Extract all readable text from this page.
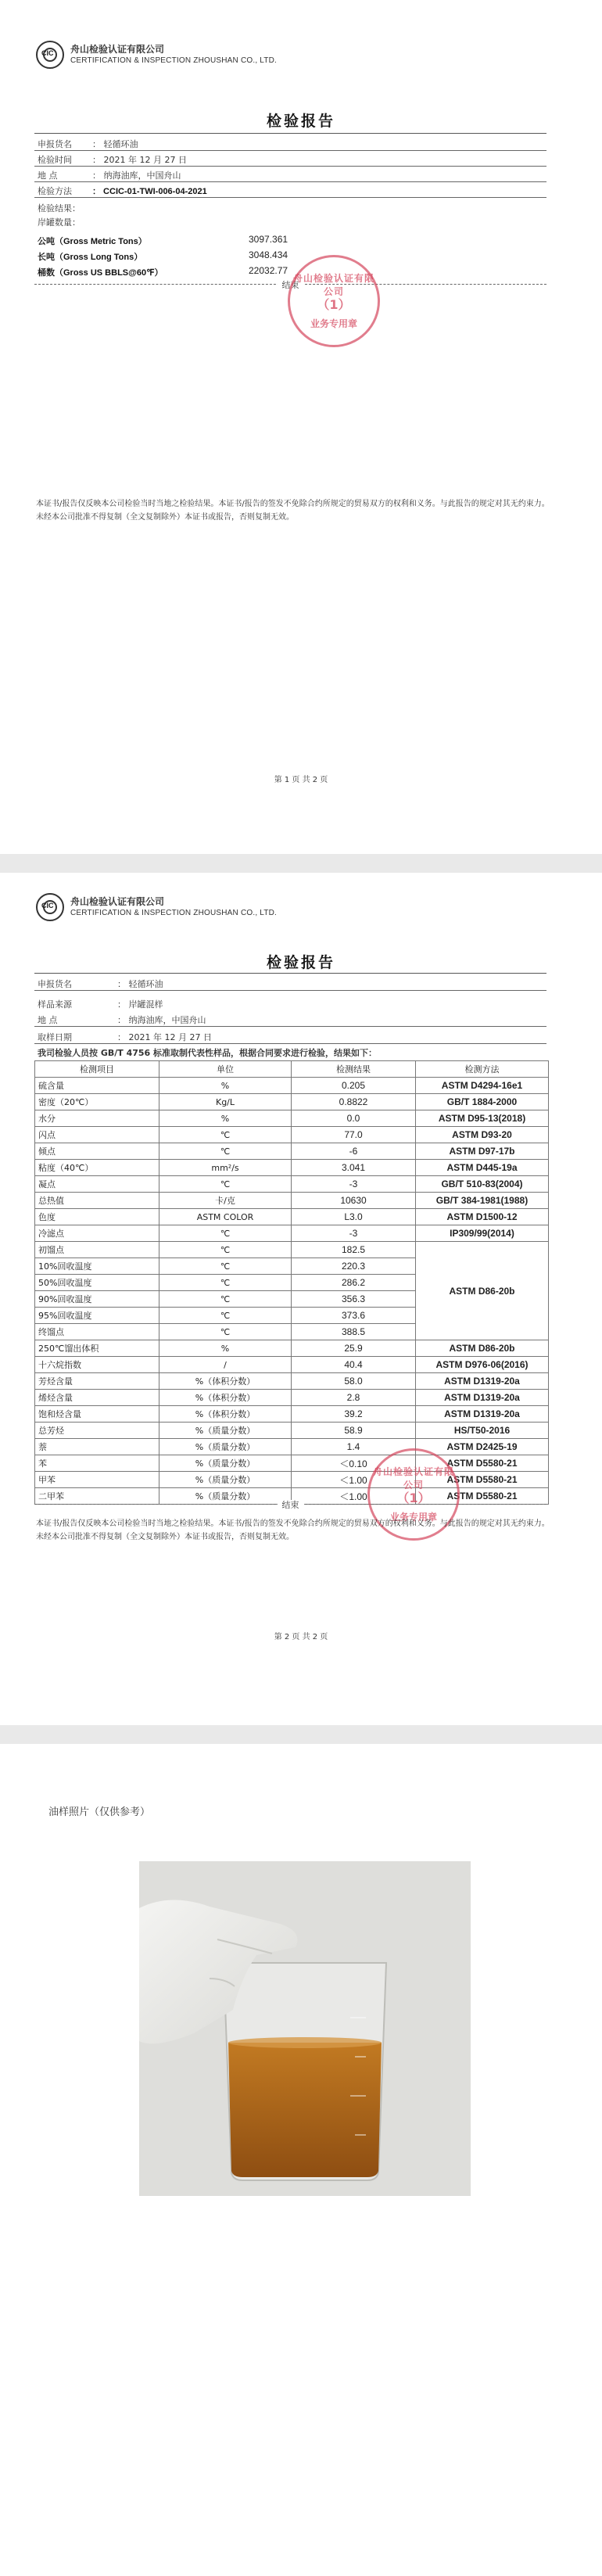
CIC 舟山检验认证有限公司
CERTIFICATION & INSPECTION ZHOUSHAN CO., LTD.
检验报告
申报货名 ： 轻循环油
检验时间 ： 2021 年 12 月 27 日
地 点	： 纳海油库，中国舟山
检验方法 ： CCIC-01-TWI-006-04-2021
检验结果：
岸罐数量：
公吨（Gross Metric Tons）	3097.361
长吨（Gross Long Tons）	3048.434
桶数（Gross US BBLS@60℉）	22032.77
结束
舟山检验认证有限公司
（1）
业务专用章
本证书/报告仅反映本公司检验当时当地之检验结果。本证书/报告的签发不免除合约所规定的贸易双方的权利和义务。与此报告的规定对其无约束力。未经本公司批准不得复制（全文复制除外）本证书或报告，否则复制无效。
第 1 页 共 2 页
CIC 舟山检验认证有限公司
CERTIFICATION & INSPECTION ZHOUSHAN CO., LTD.
检验报告
申报货名	： 轻循环油
样品来源	： 岸罐混样
地 点	： 纳海油库，中国舟山
取样日期	： 2021 年 12 月 27 日
我司检验人员按 GB/T 4756 标准取制代表性样品，根据合同要求进行检验，结果如下：
检测项目	单位	检测结果	检测方法
硫含量	%	0.205	ASTM D4294-16e1
密度（20℃）	Kg/L	0.8822	GB/T 1884-2000
水分	%	0.0	ASTM D95-13(2018)
闪点	℃	77.0	ASTM D93-20
倾点	℃	-6	ASTM D97-17b
粘度（40℃）	mm²/s	3.041	ASTM D445-19a
凝点	℃	-3	GB/T 510-83(2004)
总热值	卡/克	10630	GB/T 384-1981(1988)
色度	ASTM COLOR	L3.0	ASTM D1500-12
冷滤点	℃	-3	IP309/99(2014)
初馏点	℃	182.5	ASTM D86-20b
10%回收温度	℃	220.3	
50%回收温度	℃	286.2	
90%回收温度	℃	356.3	
95%回收温度	℃	373.6	
终馏点	℃	388.5	
250℃馏出体积	%	25.9	ASTM D86-20b
十六烷指数	/	40.4	ASTM D976-06(2016)
芳烃含量	%（体积分数）	58.0	ASTM D1319-20a
烯烃含量	%（体积分数）	2.8	ASTM D1319-20a
饱和烃含量	%（体积分数）	39.2	ASTM D1319-20a
总芳烃	%（质量分数）	58.9	HS/T50-2016
萘	%（质量分数）	1.4	ASTM D2425-19
苯	%（质量分数）	＜0.10	ASTM D5580-21
甲苯	%（质量分数）	＜1.00	ASTM D5580-21
二甲苯	%（质量分数）	＜1.00	ASTM D5580-21
结束
舟山检验认证有限公司
（1）
业务专用章
本证书/报告仅反映本公司检验当时当地之检验结果。本证书/报告的签发不免除合约所规定的贸易双方的权利和义务。与此报告的规定对其无约束力。未经本公司批准不得复制（全文复制除外）本证书或报告，否则复制无效。
第 2 页 共 2 页
油样照片（仅供参考）
